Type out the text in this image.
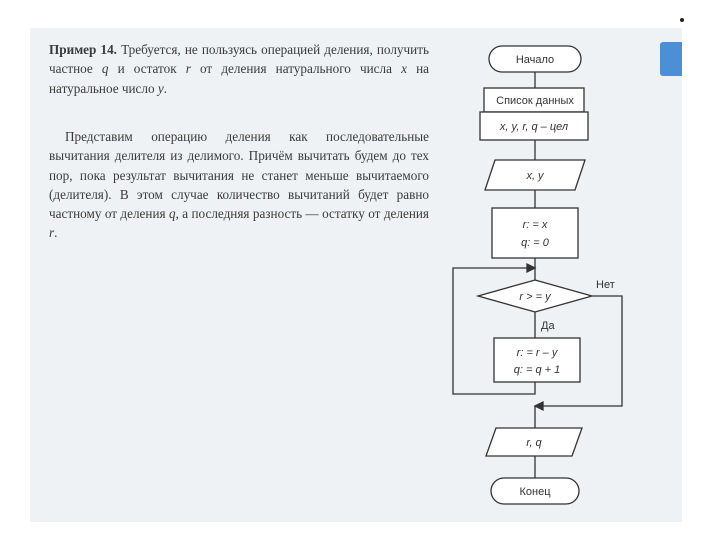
Пример 14. Требуется, не пользуясь операцией деления, получить частное q и остаток r от деления натурального числа x на натуральное число y.
Представим операцию деления как последовательные вычитания делителя из делимого. Причём вычитать будем до тех пор, пока результат вычитания не станет меньше вычитаемого (делителя). В этом случае количество вычитаний будет равно частному от деления q, а последняя разность — остатку от деления r.
Начало
Список данных
x, y, r, q – цел
x, y
r: = x
q: = 0
r > = y
Нет
Да
r: = r – y
q: = q + 1
r, q
Конец
